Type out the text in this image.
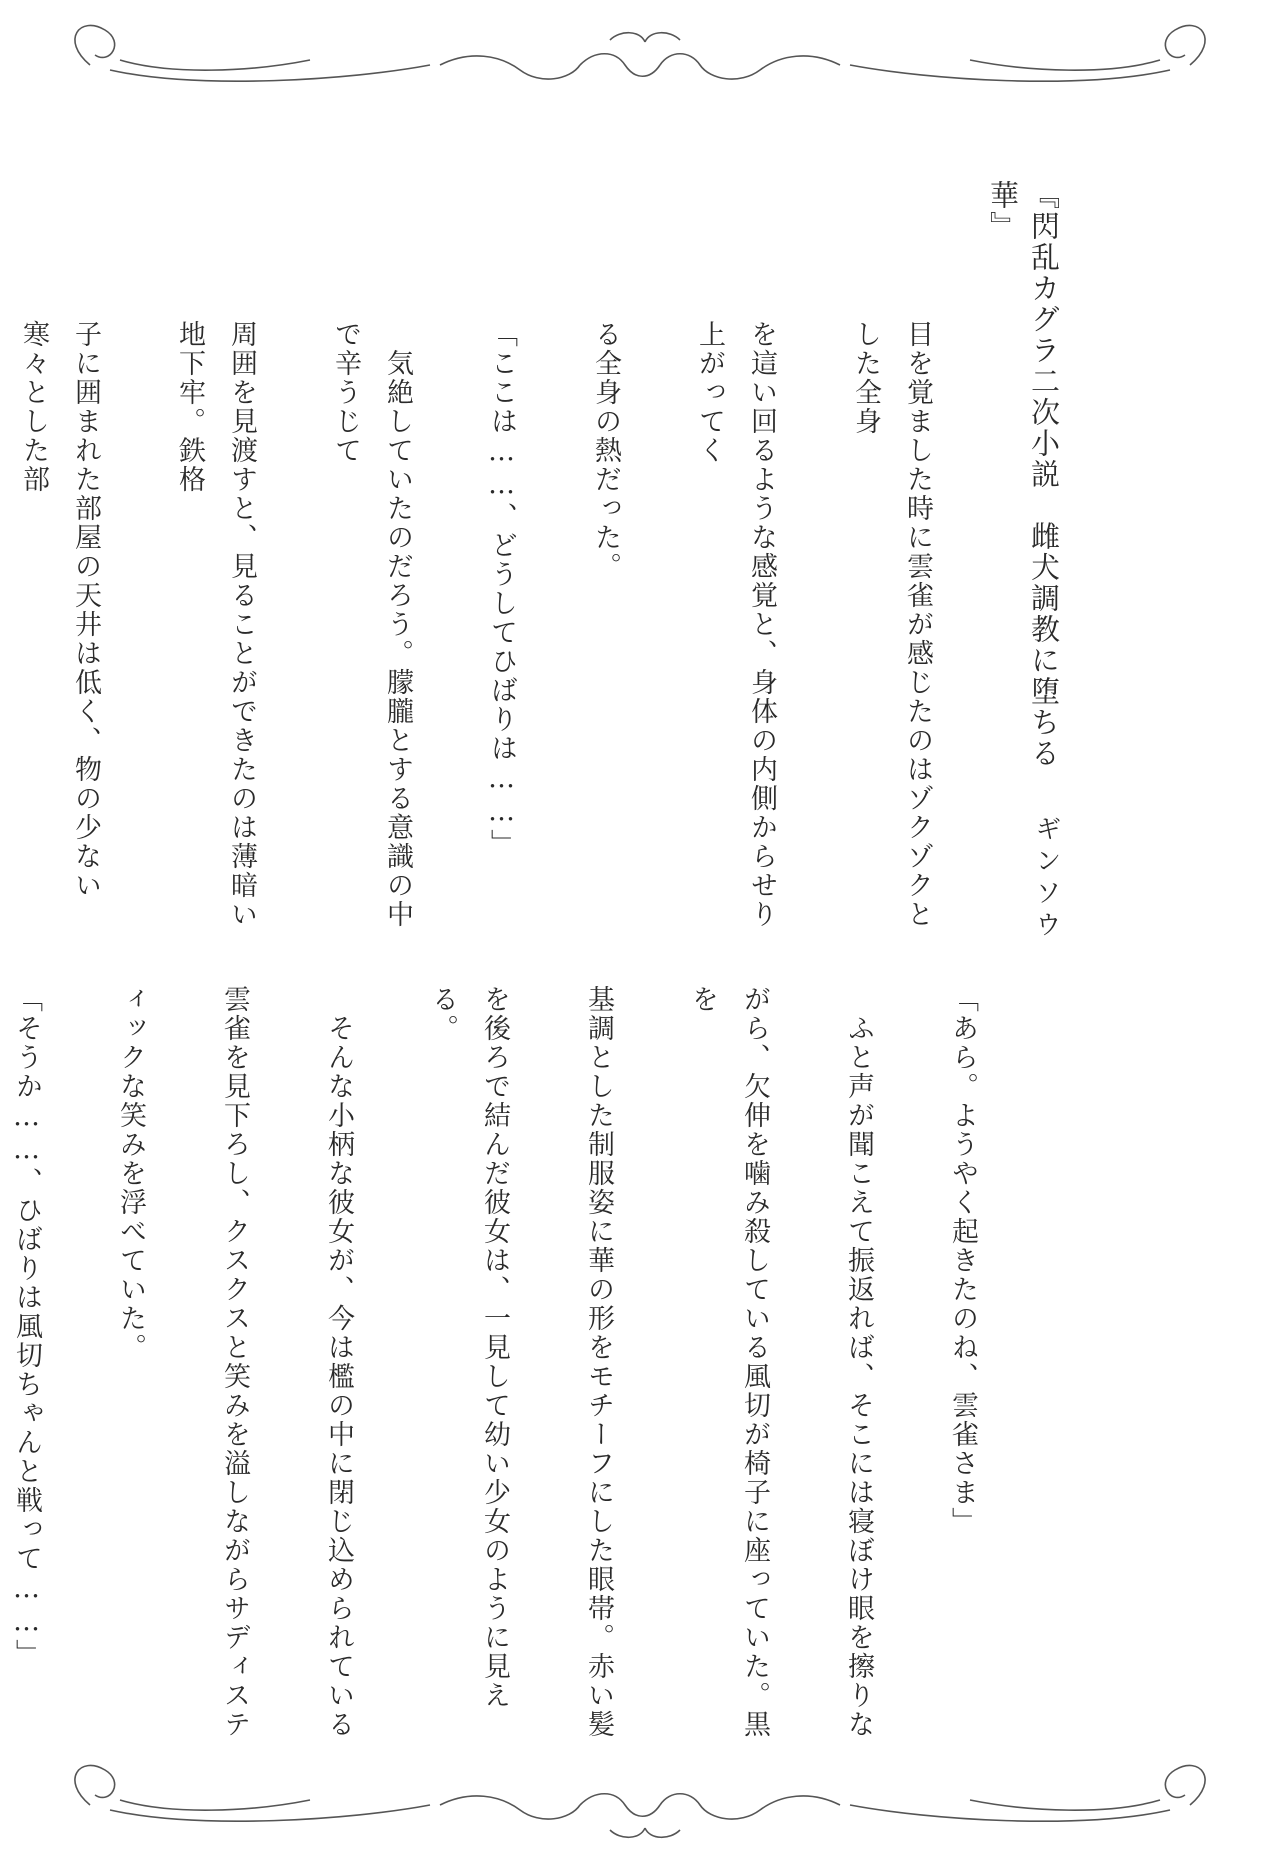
『閃乱カグラ二次小説　雌犬調教に堕ちる華』
ギンソウ

目を覚ました時に雲雀が感じたのはゾクゾクとした全身

を這い回るような感覚と、身体の内側からせり上がってく

る全身の熱だった。

「ここは……、どうしてひばりは……」

　気絶していたのだろう。朦朧とする意識の中で辛うじて

周囲を見渡すと、見ることができたのは薄暗い地下牢。鉄格

子に囲まれた部屋の天井は低く、物の少ない寒々とした部

「あら。ようやく起きたのね、雲雀さま」

　ふと声が聞こえて振返れば、そこには寝ぼけ眼を擦りな

がら、欠伸を噛み殺している風切が椅子に座っていた。黒を

基調とした制服姿に華の形をモチーフにした眼帯。赤い髪

を後ろで結んだ彼女は、一見して幼い少女のように見える。

　そんな小柄な彼女が、今は檻の中に閉じ込められている

雲雀を見下ろし、クスクスと笑みを溢しながらサディステ

ィックな笑みを浮べていた。

「そうか……、ひばりは風切ちゃんと戦って……」
